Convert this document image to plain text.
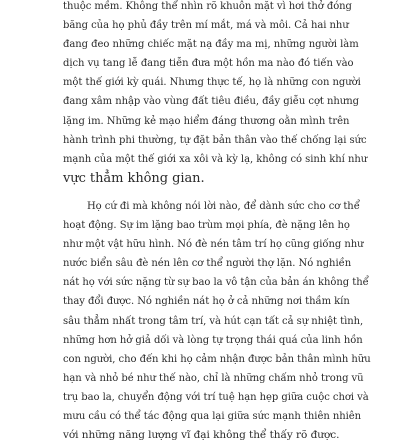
thuộc mềm. Không thể nhìn rõ khuôn mặt vì hơi thở đóng
băng của họ phủ đầy trên mí mắt, má và môi. Cả hai như
đang đeo những chiếc mặt nạ đầy ma mị, những người làm
dịch vụ tang lễ đang tiễn đưa một hồn ma nào đó tiến vào
một thế giới kỳ quái. Nhưng thực tế, họ là những con người
đang xâm nhập vào vùng đất tiêu điều, đầy giễu cợt nhưng
lặng im. Những kẻ mạo hiểm đáng thương oằn mình trên
hành trình phi thường, tự đặt bản thân vào thế chống lại sức
mạnh của một thế giới xa xôi và kỳ lạ, không có sinh khí như
vực thẳm không gian.
Họ cứ đi mà không nói lời nào, để dành sức cho cơ thể
hoạt động. Sự im lặng bao trùm mọi phía, đè nặng lên họ
như một vật hữu hình. Nó đè nén tâm trí họ cũng giống như
nước biển sâu đè nén lên cơ thể người thợ lặn. Nó nghiền
nát họ với sức nặng từ sự bao la vô tận của bản án không thể
thay đổi được. Nó nghiền nát họ ở cả những nơi thầm kín
sâu thẳm nhất trong tâm trí, và hút cạn tất cả sự nhiệt tình,
những hơn hở giả dối và lòng tự trọng thái quá của linh hồn
con người, cho đến khi họ cảm nhận được bản thân mình hữu
hạn và nhỏ bé như thế nào, chỉ là những chấm nhỏ trong vũ
trụ bao la, chuyển động với trí tuệ hạn hẹp giữa cuộc chơi và
mưu cầu có thể tác động qua lại giữa sức mạnh thiên nhiên
với những năng lượng vĩ đại không thể thấy rõ được.
